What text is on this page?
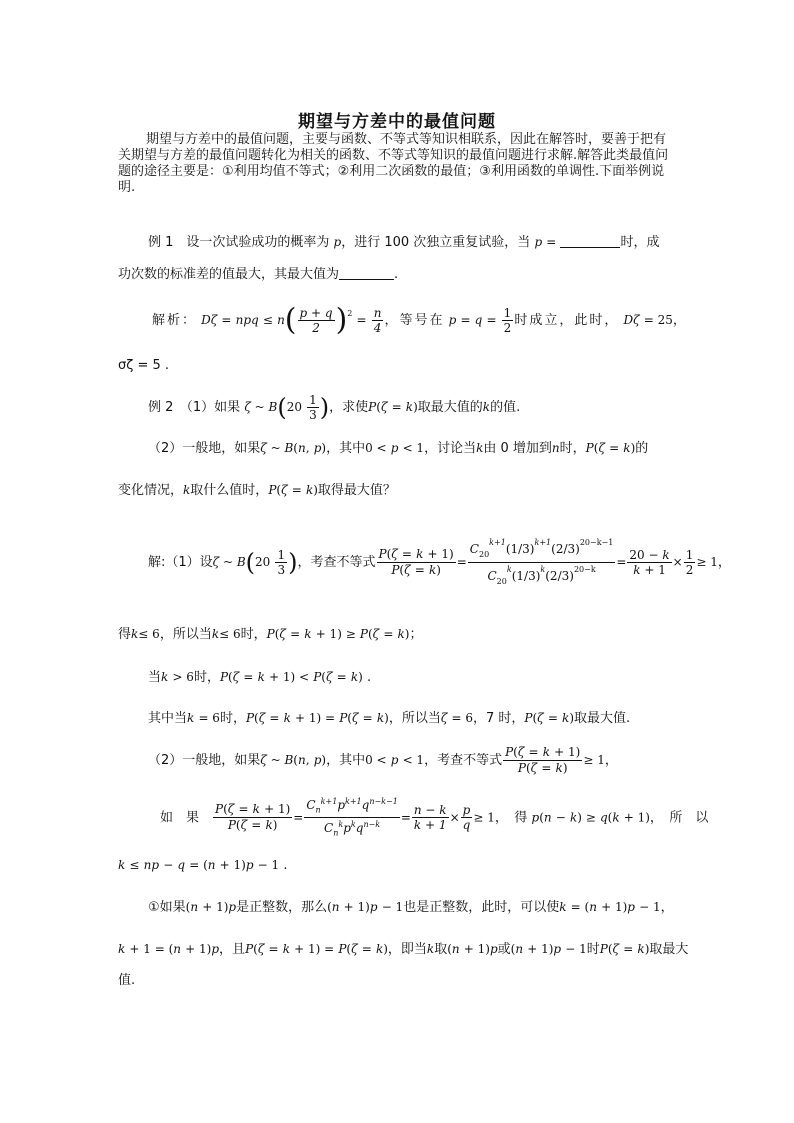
期望与方差中的最值问题
期望与方差中的最值问题，主要与函数、不等式等知识相联系，因此在解答时，要善于把有关期望与方差的最值问题转化为相关的函数、不等式等知识的最值问题进行求解.解答此类最值问题的途径主要是：①利用均值不等式；②利用二次函数的最值；③利用函数的单调性.下面举例说明.
例 1　设一次试验成功的概率为 p，进行 100 次独立重复试验，当 p =	时，成
功次数的标准差的值最大，其最大值为	.
解析： Dζ = npq ≤ $n( \frac{p + q}{2} )^2 = \frac{n}{4}$ ，等号在 $p = q = \frac{1}{2}$ 时成立，此时， Dζ = 25，
σζ = 5 .
例 2　（1）如果 ζ ~ $B(20 \frac{1}{3}$ )，求使P(ζ = k)取最大值的k的值.
（2）一般地，如果ζ ~ B(n, p)，其中0 < p < 1，讨论当k由 0 增加到n时，P(ζ = k)的
变化情况，k取什么值时，P(ζ = k)取得最大值？
解:（1）设ζ ~ $B(20 \frac{1}{3}$ )，考查不等式 $\frac{P(\zeta = k + 1)}{P(\zeta = k)} = \frac{C_{20}^{k+1}(1/3)^{k+1}(2/3)^{20-k-1}}{C_{20}^k(1/3)^k(2/3)^{20-k}} = \frac{20 - k}{k + 1} \times \frac{1}{2} \ge 1$，
得k≤ 6，所以当k≤ 6时，P(ζ = k + 1) ≥ P(ζ = k)；
当k > 6时，P(ζ = k + 1) < P(ζ = k) .
其中当k = 6时，P(ζ = k + 1) = P(ζ = k)，所以当ζ = 6，7 时，P(ζ = k)取最大值.
（2）一般地，如果ζ ~ B(n, p)，其中0 < p < 1，考查不等式 $\frac{P(\zeta = k + 1)}{P(\zeta = k)} \ge 1$，
如　果　 $\frac{P(\zeta = k + 1)}{P(\zeta = k)} = \frac{C_n^{k+1}p^{k+1}q^{n-k-1}}{C_n^kp^kq^{n-k}} = \frac{n - k}{k + 1} \times \frac{p}{q} \ge 1$，　得 p(n − k) ≥ q(k + 1)，　所　以
k ≤ np − q = (n + 1)p − 1 .
①如果(n + 1)p是正整数，那么(n + 1)p − 1也是正整数，此时，可以使k = (n + 1)p − 1，
k + 1 = (n + 1)p，且P(ζ = k + 1) = P(ζ = k)，即当k取(n + 1)p或(n + 1)p − 1时P(ζ = k)取最大
值.
